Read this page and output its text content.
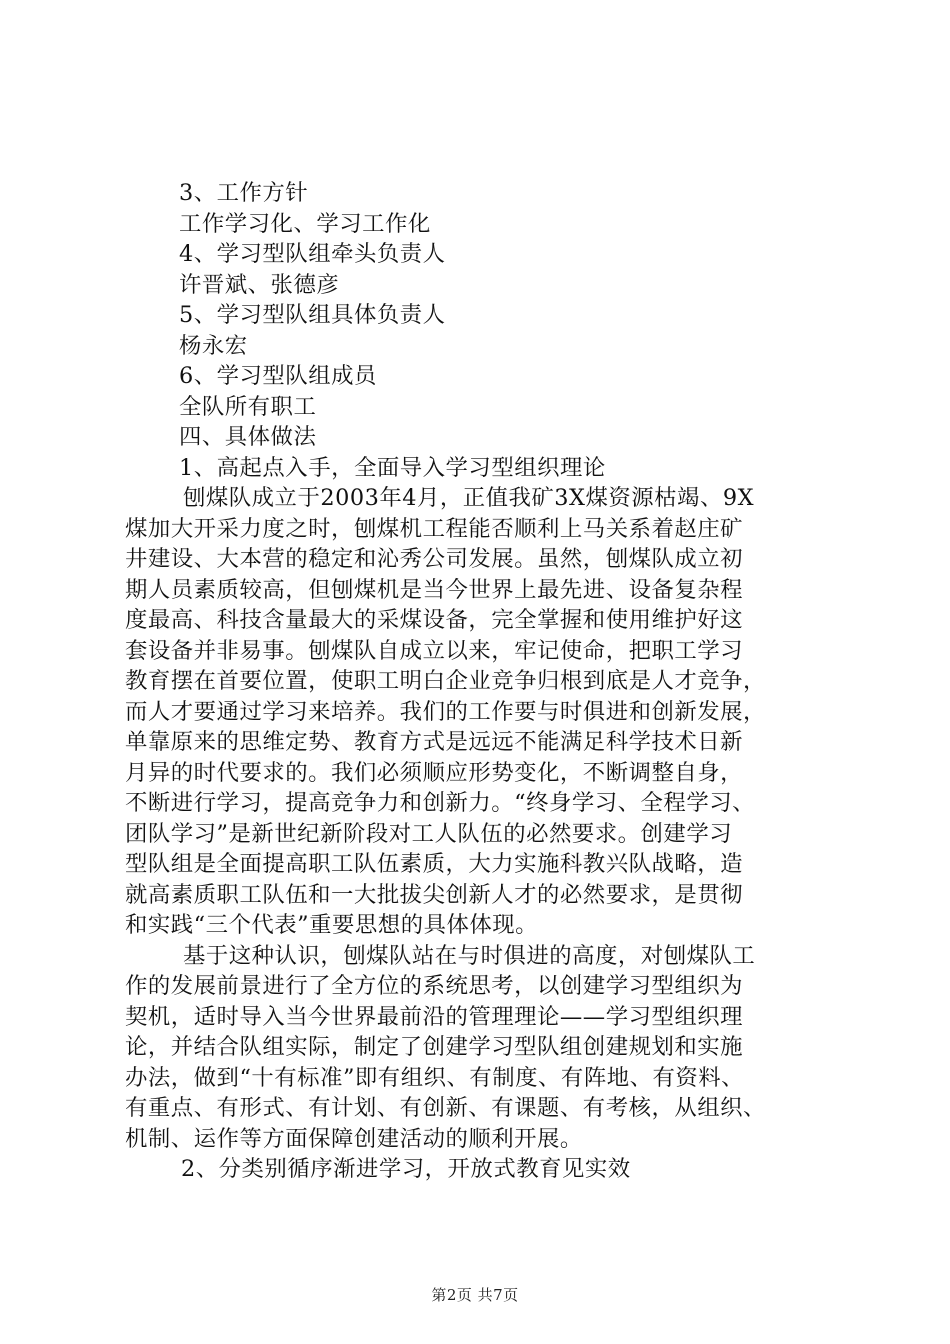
3、工作方针
工作学习化、学习工作化
4、学习型队组牵头负责人
许晋斌、张德彦
5、学习型队组具体负责人
杨永宏
6、学习型队组成员
全队所有职工
四、具体做法
1、高起点入手，全面导入学习型组织理论
刨煤队成立于2003年4月，正值我矿3X煤资源枯竭、9X
煤加大开采力度之时，刨煤机工程能否顺利上马关系着赵庄矿
井建设、大本营的稳定和沁秀公司发展。虽然，刨煤队成立初
期人员素质较高，但刨煤机是当今世界上最先进、设备复杂程
度最高、科技含量最大的采煤设备，完全掌握和使用维护好这
套设备并非易事。刨煤队自成立以来，牢记使命，把职工学习
教育摆在首要位置，使职工明白企业竞争归根到底是人才竞争，
而人才要通过学习来培养。我们的工作要与时俱进和创新发展，
单靠原来的思维定势、教育方式是远远不能满足科学技术日新
月异的时代要求的。我们必须顺应形势变化，不断调整自身，
不断进行学习，提高竞争力和创新力。“终身学习、全程学习、
团队学习”是新世纪新阶段对工人队伍的必然要求。创建学习
型队组是全面提高职工队伍素质，大力实施科教兴队战略，造
就高素质职工队伍和一大批拔尖创新人才的必然要求，是贯彻
和实践“三个代表”重要思想的具体体现。
基于这种认识，刨煤队站在与时俱进的高度，对刨煤队工
作的发展前景进行了全方位的系统思考，以创建学习型组织为
契机，适时导入当今世界最前沿的管理理论——学习型组织理
论，并结合队组实际，制定了创建学习型队组创建规划和实施
办法，做到“十有标准”即有组织、有制度、有阵地、有资料、
有重点、有形式、有计划、有创新、有课题、有考核，从组织、
机制、运作等方面保障创建活动的顺利开展。
2、分类别循序渐进学习，开放式教育见实效
第2页 共7页
